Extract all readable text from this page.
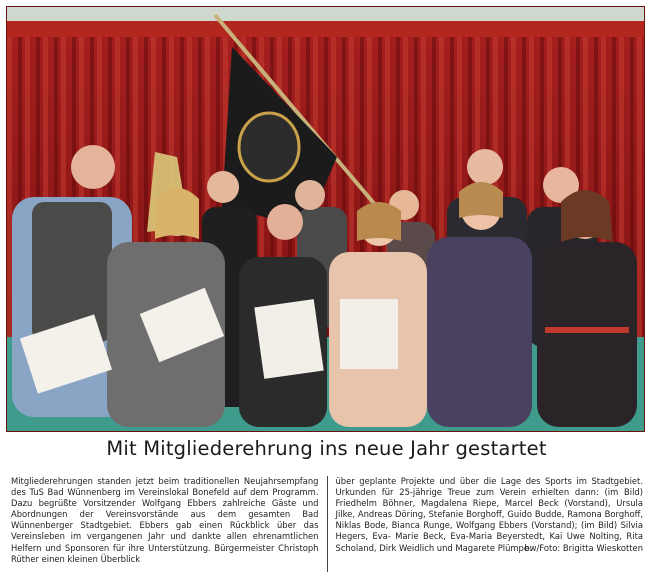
Mit Mitgliederehrung ins neue Jahr gestartet

Mitgliederehrungen standen jetzt beim traditionellen Neujahrsempfang des TuS Bad Wünnenberg im Vereinslokal Bonefeld auf dem Programm. Dazu begrüßte Vorsitzender Wolfgang Ebbers zahlreiche Gäste und Abordnungen der Vereinsvorstände aus dem gesamten Bad Wünnenberger Stadtgebiet. Ebbers gab einen Rückblick über das Vereinsleben im vergangenen Jahr und dankte allen ehrenamtlichen Helfern und Sponsoren für ihre Unterstützung. Bürgermeister Christoph Rüther einen kleinen Überblick

über geplante Projekte und über die Lage des Sports im Stadtgebiet. Urkunden für 25-jährige Treue zum Verein erhielten dann: (im Bild) Friedhelm Böhner, Magdalena Riepe, Marcel Beck (Vorstand), Ursula Jilke, Andreas Döring, Stefanie Borghoff, Guido Budde, Ramona Borghoff, Niklas Bode, Bianca Runge, Wolfgang Ebbers (Vorstand); (im Bild) Silvia Hegers, Eva- Marie Beck, Eva-Maria Beyerstedt, Kai Uwe Nolting, Rita Scholand, Dirk Weidlich und Magarete Plümpe.

bw/Foto: Brigitta Wieskotten
